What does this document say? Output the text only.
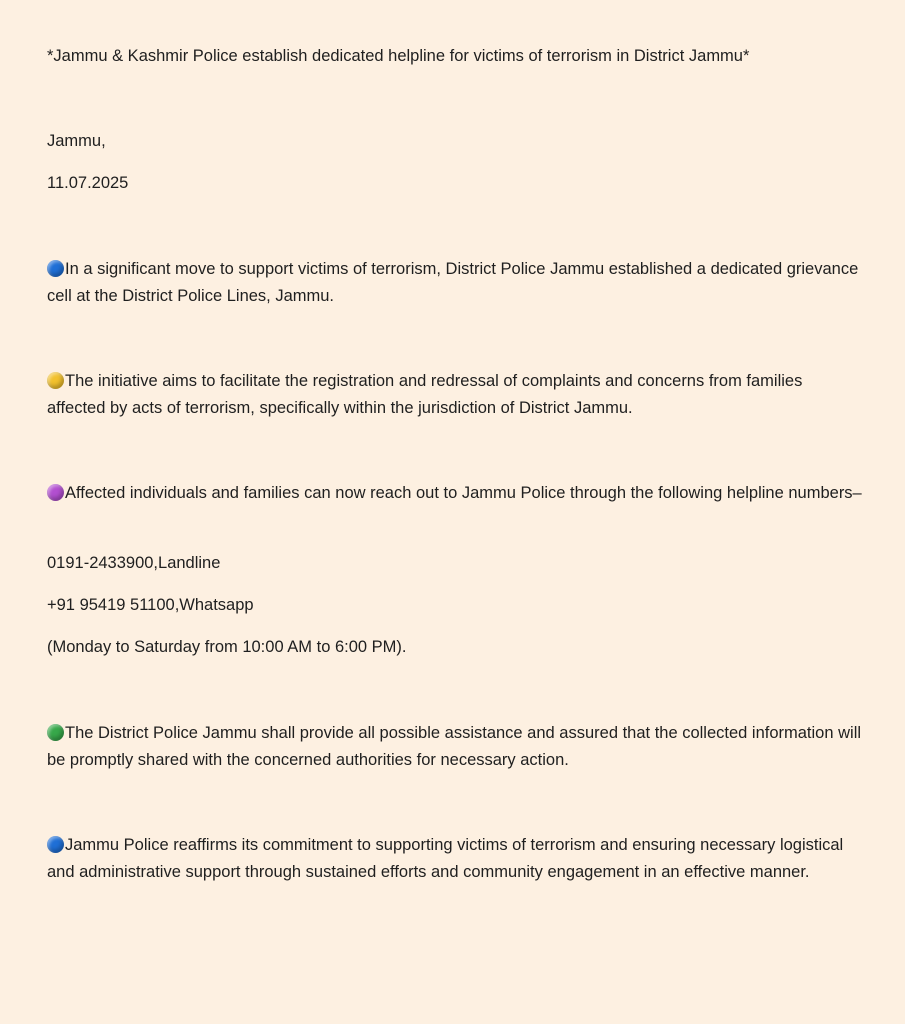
*Jammu & Kashmir Police establish dedicated helpline for victims of terrorism in District Jammu*

Jammu,

11.07.2025

In a significant move to support victims of terrorism, District Police Jammu established a dedicated grievance cell at the District Police Lines, Jammu.

The initiative aims to facilitate the registration and redressal of complaints and concerns from families affected by acts of terrorism, specifically within the jurisdiction of District Jammu.

Affected individuals and families can now reach out to Jammu Police through the following helpline numbers–

0191-2433900,Landline

+91 95419 51100,Whatsapp

(Monday to Saturday from 10:00 AM to 6:00 PM).

The District Police Jammu shall provide all possible assistance and assured that the collected information will be promptly shared with the concerned authorities for necessary action.

Jammu Police reaffirms its commitment to supporting victims of terrorism and ensuring necessary logistical and administrative support through sustained efforts and community engagement in an effective manner.
